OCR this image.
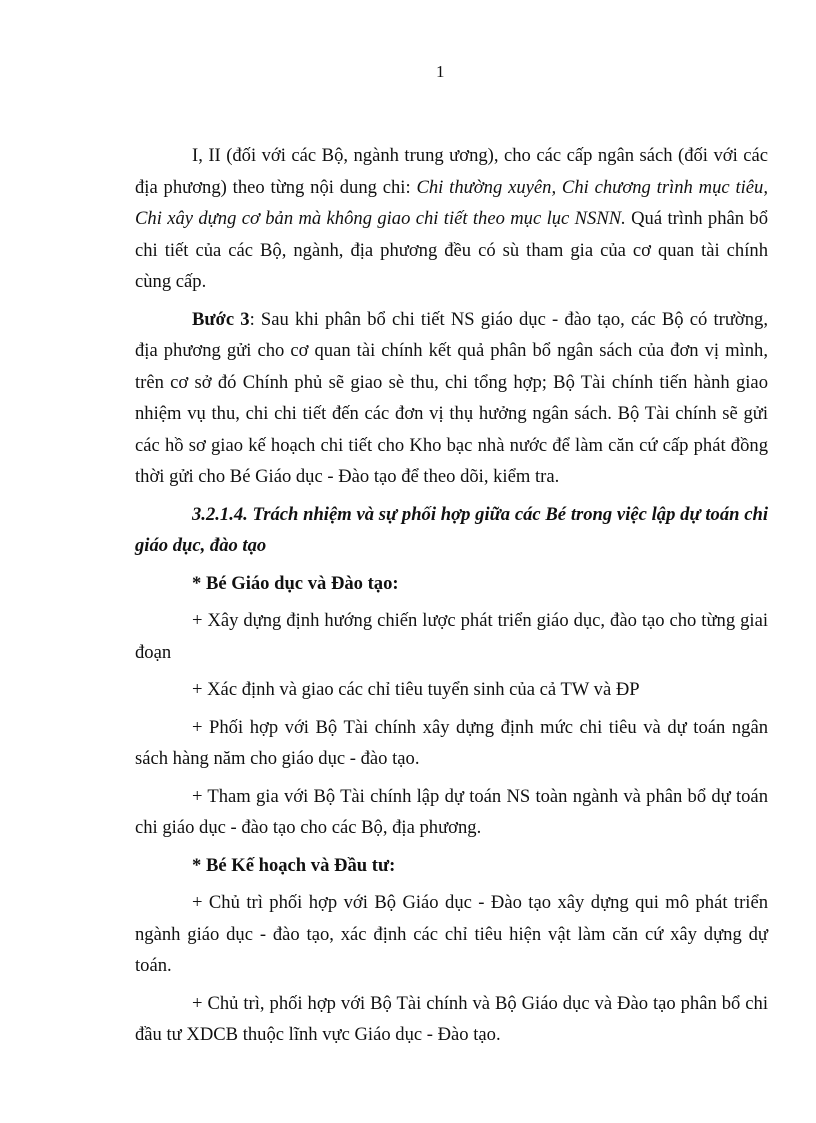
1

I, II (đối với các Bộ, ngành trung ương), cho các cấp ngân sách (đối với các địa phương) theo từng nội dung chi: Chi thường xuyên, Chi chương trình mục tiêu, Chi xây dựng cơ bản mà không giao chi tiết theo mục lục NSNN. Quá trình phân bổ chi tiết của các Bộ, ngành, địa phương đều có sù tham gia của cơ quan tài chính cùng cấp.

Bước 3: Sau khi phân bổ chi tiết NS giáo dục - đào tạo, các Bộ có trường, địa phương gửi cho cơ quan tài chính kết quả phân bổ ngân sách của đơn vị mình, trên cơ sở đó Chính phủ sẽ giao sè thu, chi tổng hợp; Bộ Tài chính tiến hành giao nhiệm vụ thu, chi chi tiết đến các đơn vị thụ hưởng ngân sách. Bộ Tài chính sẽ gửi các hồ sơ giao kế hoạch chi tiết cho Kho bạc nhà nước để làm căn cứ cấp phát đồng thời gửi cho Bé Giáo dục - Đào tạo để theo dõi, kiểm tra.

3.2.1.4. Trách nhiệm và sự phối hợp giữa các Bé trong việc lập dự toán chi giáo dục, đào tạo

* Bé Giáo dục và Đào tạo:

+ Xây dựng định hướng chiến lược phát triển giáo dục, đào tạo cho từng giai đoạn

+ Xác định và giao các chỉ tiêu tuyển sinh của cả TW và ĐP

+ Phối hợp với Bộ Tài chính xây dựng định mức chi tiêu và dự toán ngân sách hàng năm cho giáo dục - đào tạo.

+ Tham gia với Bộ Tài chính lập dự toán NS toàn ngành và phân bổ dự toán chi giáo dục - đào tạo cho các Bộ, địa phương.

* Bé Kế hoạch và Đầu tư:

+ Chủ trì phối hợp với Bộ Giáo dục - Đào tạo xây dựng qui mô phát triển ngành giáo dục - đào tạo, xác định các chỉ tiêu hiện vật làm căn cứ xây dựng dự toán.

+ Chủ trì, phối hợp với Bộ Tài chính và Bộ Giáo dục và Đào tạo phân bổ chi đầu tư XDCB thuộc lĩnh vực Giáo dục - Đào tạo.
